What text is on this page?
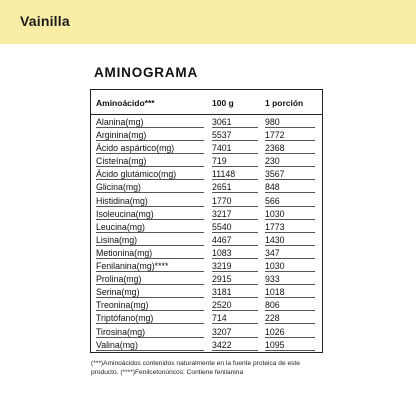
Vainilla
AMINOGRAMA
Aminoácido***	100 g	1 porción
Alanina(mg)	3061	980
Arginina(mg)	5537	1772
Ácido aspártico(mg)	7401	2368
Cisteína(mg)	719	230
Ácido glutámico(mg)	11148	3567
Glicina(mg)	2651	848
Histidina(mg)	1770	566
Isoleucina(mg)	3217	1030
Leucina(mg)	5540	1773
Lisina(mg)	4467	1430
Metionina(mg)	1083	347
Fenilanina(mg)****	3219	1030
Prolina(mg)	2915	933
Serina(mg)	3181	1018
Treonina(mg)	2520	806
Triptófano(mg)	714	228
Tirosina(mg)	3207	1026
Valina(mg)	3422	1095
(***)Aminoácidos contenidos naturalmente en la fuente proteica de este producto. (****)Fenilcetonúricos: Contiene fenilanina
